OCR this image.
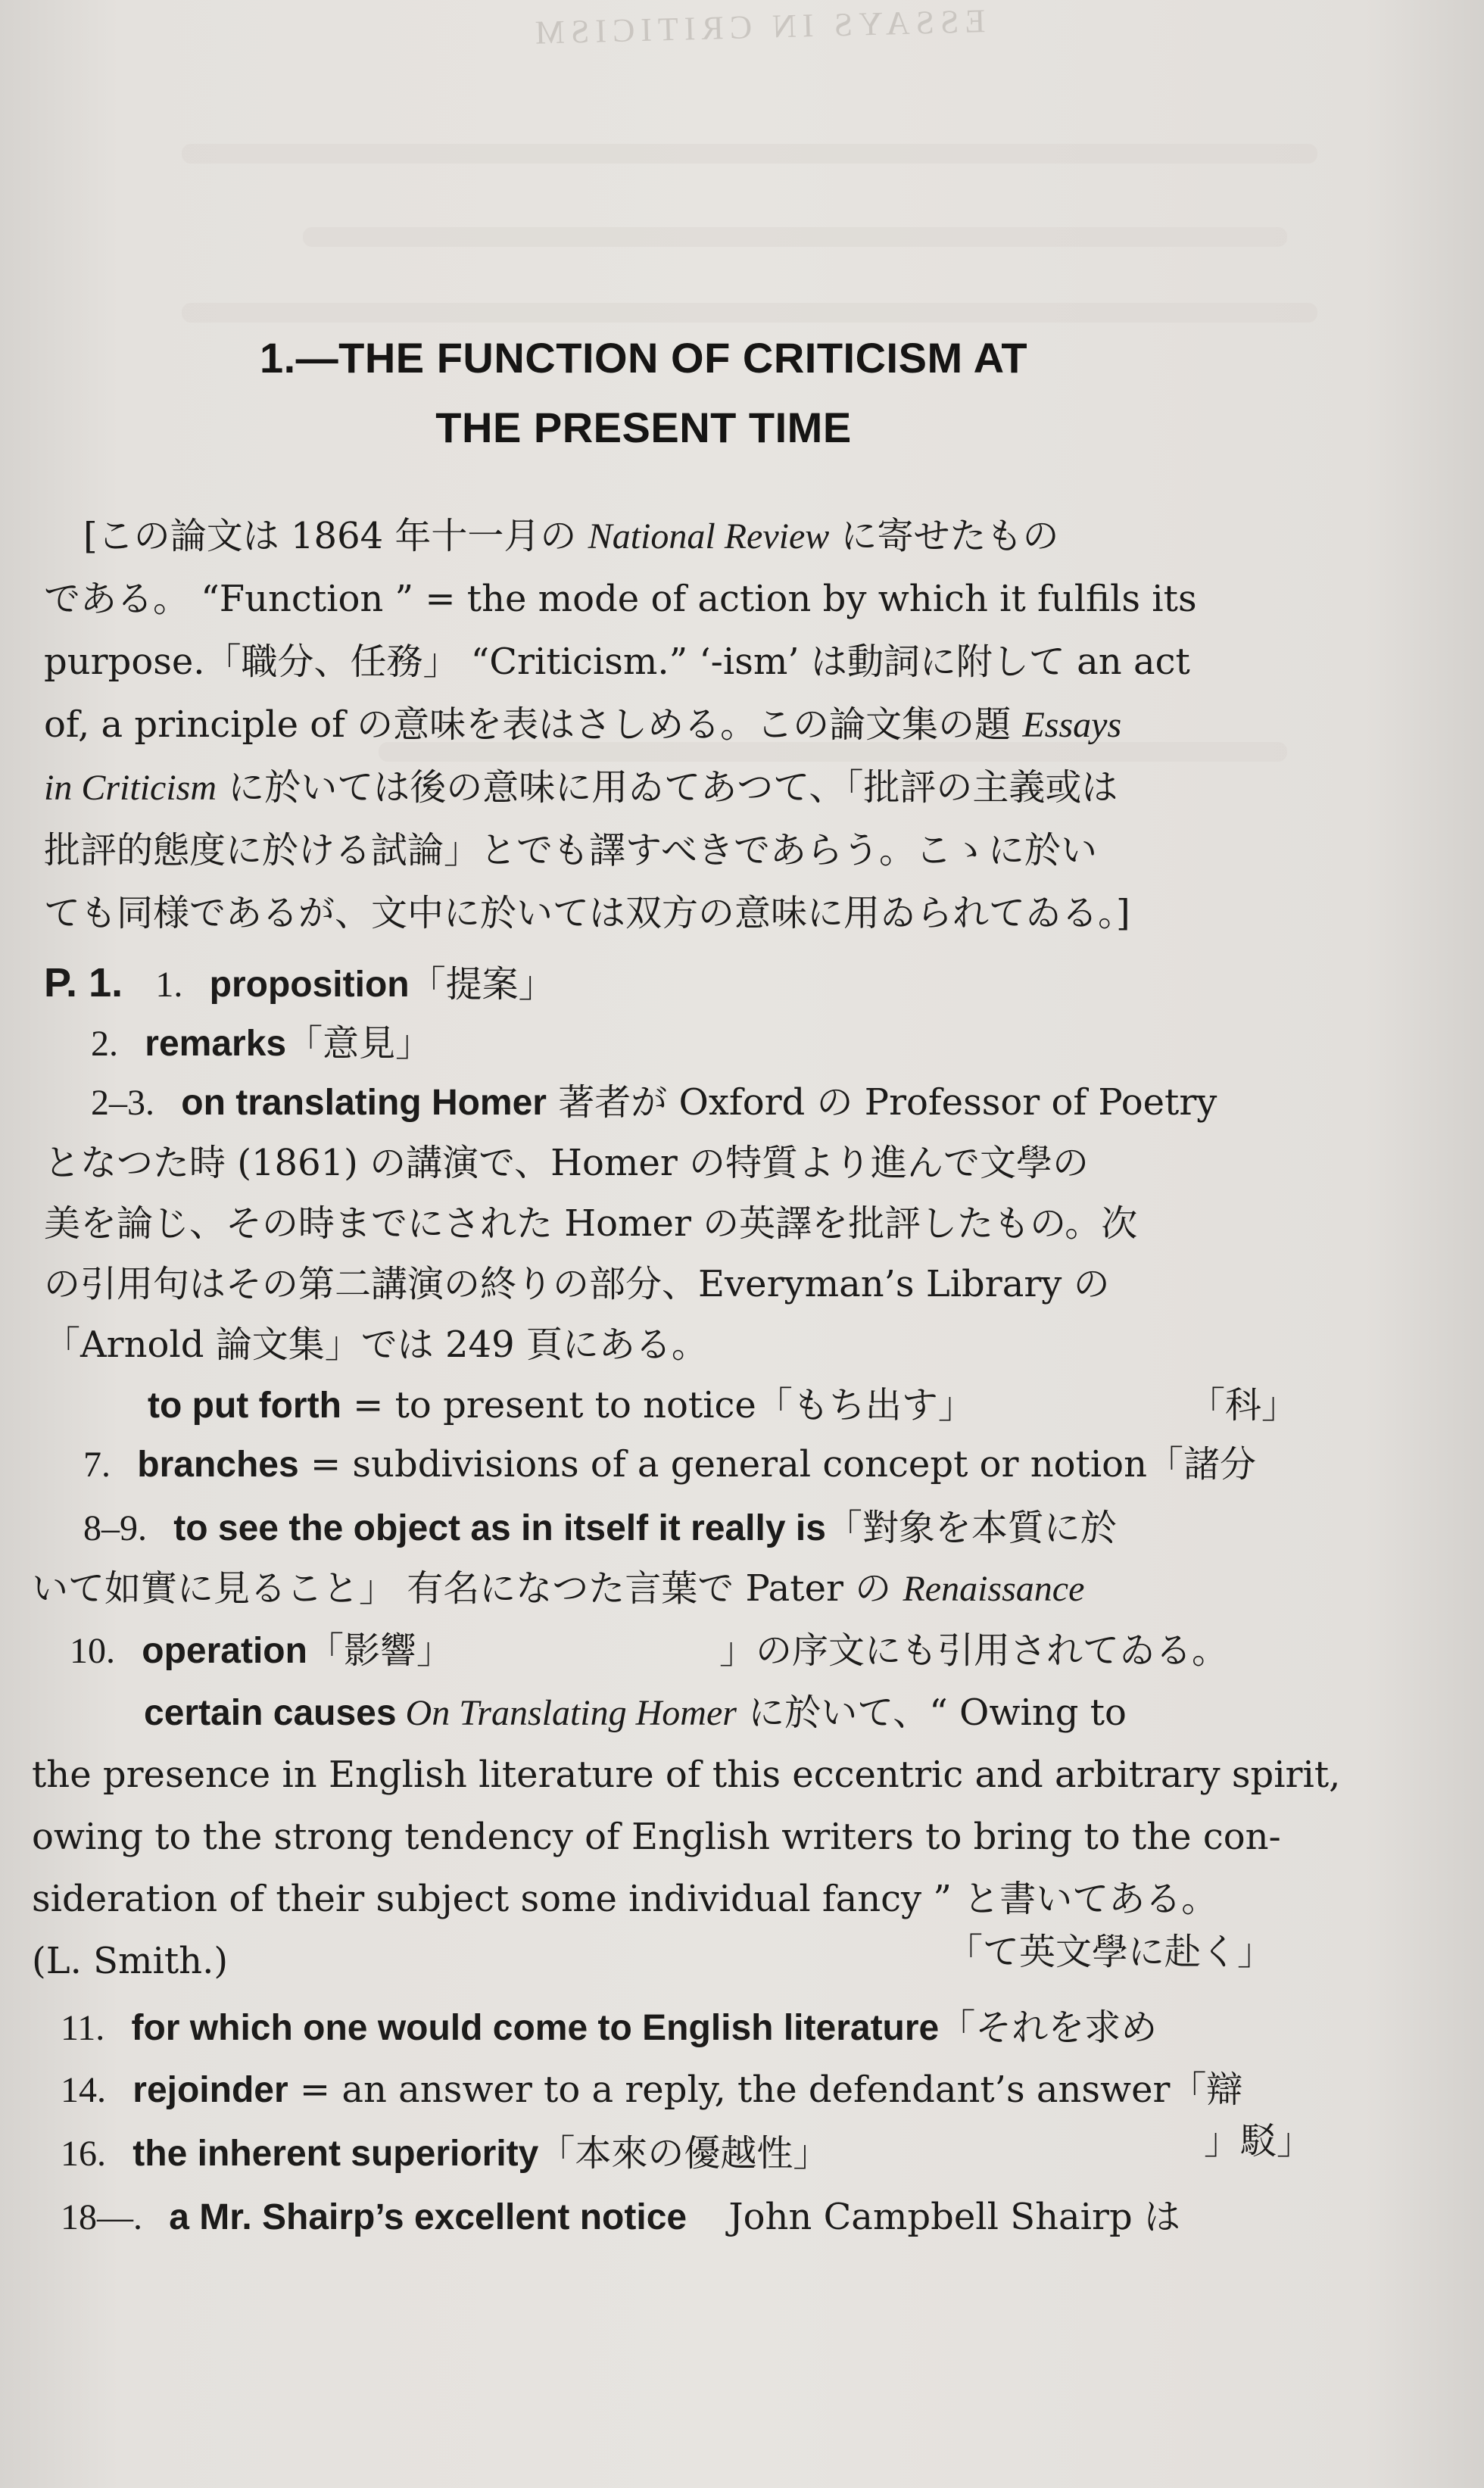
ESSAYS IN CRITICISM
1.—THE FUNCTION OF CRITICISM AT
THE PRESENT TIME
[この論文は 1864 年十一月の National Review に寄せたもの
である。 “Function ” = the mode of action by which it fulfils its
purpose.「職分、任務」 “Criticism.” ‘-ism’ は動詞に附して an act
of, a principle of の意味を表はさしめる。この論文集の題 Essays
in Criticism に於いては後の意味に用ゐてあつて、「批評の主義或は
批評的態度に於ける試論」とでも譯すべきであらう。こゝに於い
ても同様であるが、文中に於いては双方の意味に用ゐられてゐる。]
P. 1. 1. proposition「提案」
2. remarks「意見」
2–3. on translating Homer 著者が Oxford の Professor of Poetry
となつた時 (1861) の講演で、Homer の特質より進んで文學の
美を論じ、その時までにされた Homer の英譯を批評したもの。次
の引用句はその第二講演の終りの部分、Everyman’s Library の
「Arnold 論文集」では 249 頁にある。
to put forth = to present to notice「もち出す」	「科」
7. branches = subdivisions of a general concept or notion「諸分
8–9. to see the object as in itself it really is「對象を本質に於
いて如實に見ること」 有名になつた言葉で Pater の Renaissance
10. operation「影響」	」の序文にも引用されてゐる。
certain causes On Translating Homer に於いて、“ Owing to
the presence in English literature of this eccentric and arbitrary spirit,
owing to the strong tendency of English writers to bring to the con-
sideration of their subject some individual fancy ” と書いてある。
(L. Smith.)	「て英文學に赴く」
11. for which one would come to English literature「それを求め
14. rejoinder = an answer to a reply, the defendant’s answer「辯
」駁」
16. the inherent superiority「本來の優越性」
18—. a Mr. Shairp’s excellent notice John Campbell Shairp は
